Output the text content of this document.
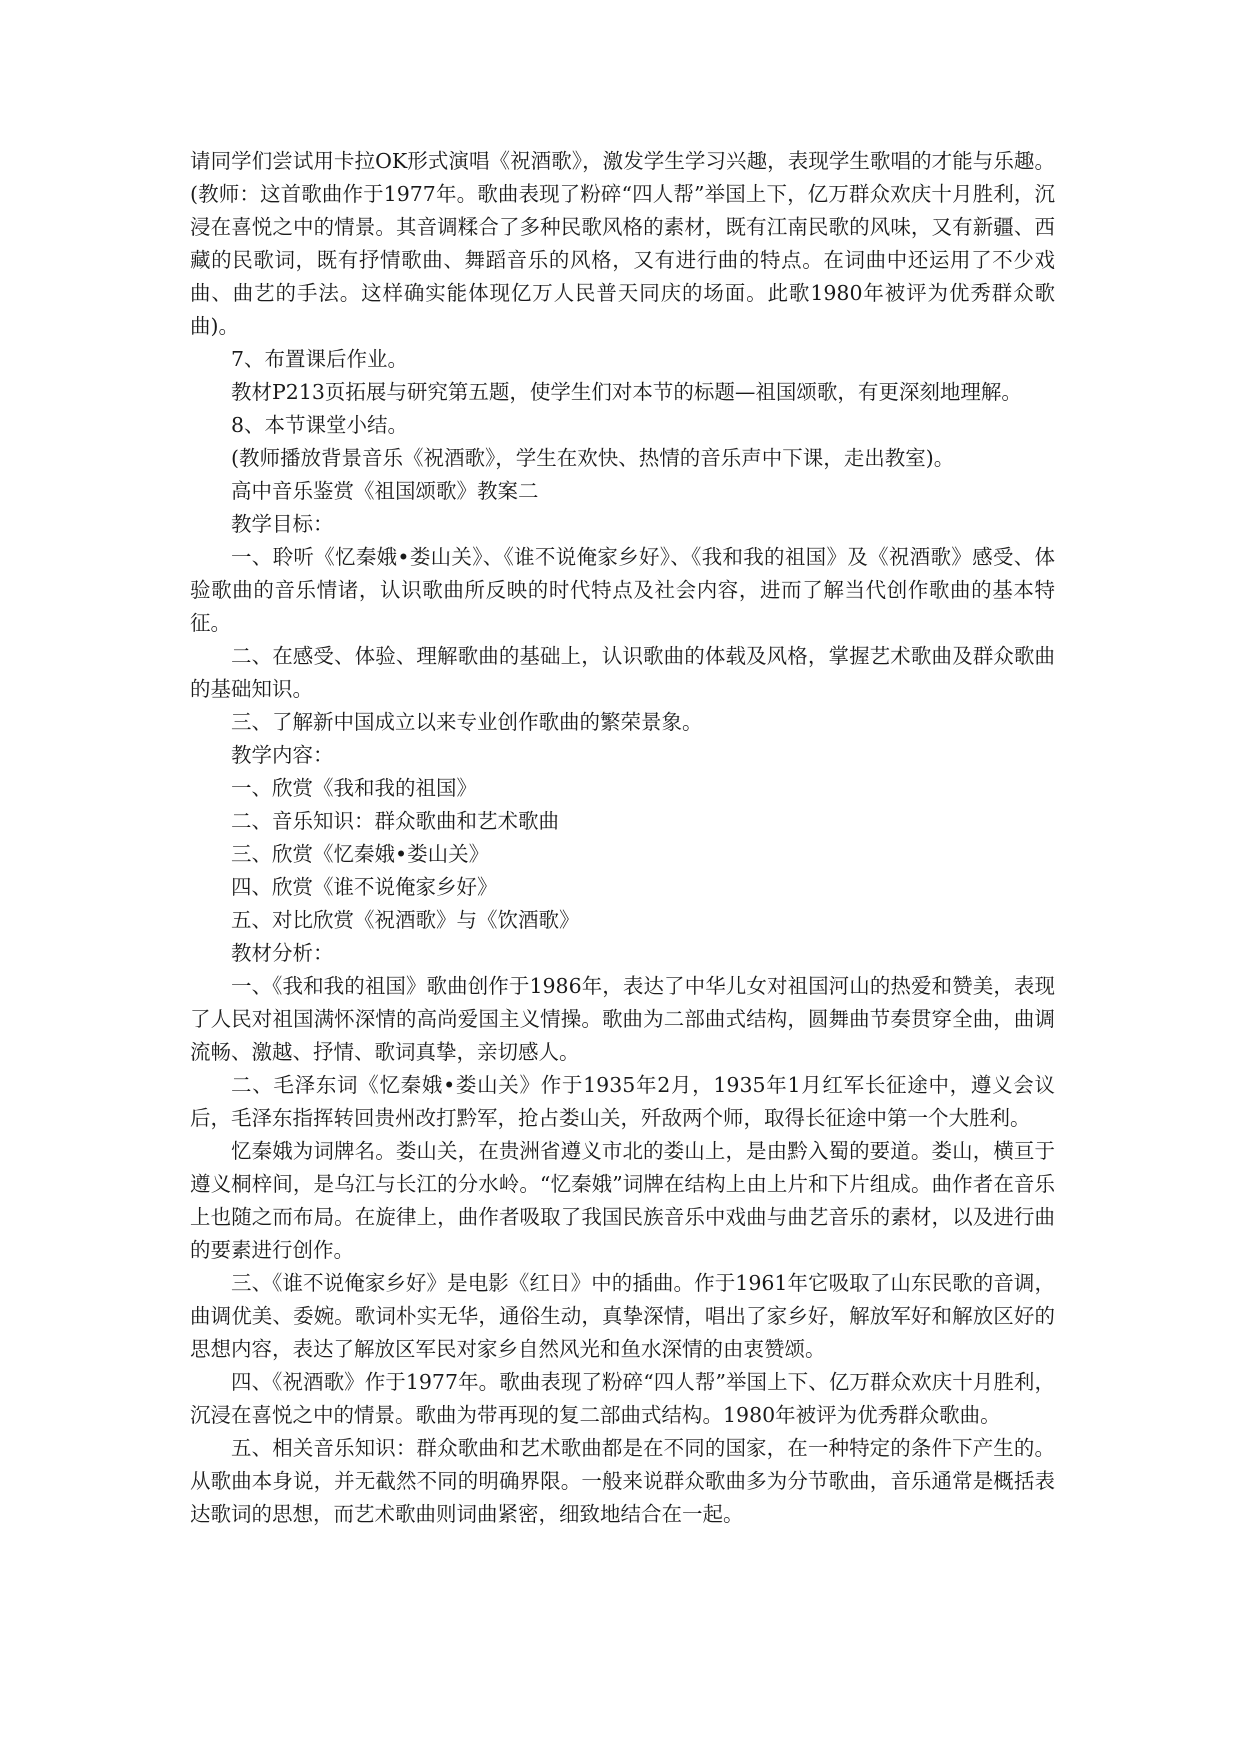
请同学们尝试用卡拉OK形式演唱《祝酒歌》，激发学生学习兴趣，表现学生歌唱的才能与乐趣。(教师：这首歌曲作于1977年。歌曲表现了粉碎“四人帮”举国上下，亿万群众欢庆十月胜利，沉浸在喜悦之中的情景。其音调糅合了多种民歌风格的素材，既有江南民歌的风味，又有新疆、西藏的民歌词，既有抒情歌曲、舞蹈音乐的风格，又有进行曲的特点。在词曲中还运用了不少戏曲、曲艺的手法。这样确实能体现亿万人民普天同庆的场面。此歌1980年被评为优秀群众歌曲)。

7、布置课后作业。

教材P213页拓展与研究第五题，使学生们对本节的标题—祖国颂歌，有更深刻地理解。

8、本节课堂小结。

(教师播放背景音乐《祝酒歌》，学生在欢快、热情的音乐声中下课，走出教室)。

高中音乐鉴赏《祖国颂歌》教案二

教学目标：

一、聆听《忆秦娥•娄山关》、《谁不说俺家乡好》、《我和我的祖国》及《祝酒歌》感受、体验歌曲的音乐情诸，认识歌曲所反映的时代特点及社会内容，进而了解当代创作歌曲的基本特征。

二、在感受、体验、理解歌曲的基础上，认识歌曲的体载及风格，掌握艺术歌曲及群众歌曲的基础知识。

三、了解新中国成立以来专业创作歌曲的繁荣景象。

教学内容：

一、欣赏《我和我的祖国》

二、音乐知识：群众歌曲和艺术歌曲

三、欣赏《忆秦娥•娄山关》

四、欣赏《谁不说俺家乡好》

五、对比欣赏《祝酒歌》与《饮酒歌》

教材分析：

一、《我和我的祖国》歌曲创作于1986年，表达了中华儿女对祖国河山的热爱和赞美，表现了人民对祖国满怀深情的高尚爱国主义情操。歌曲为二部曲式结构，圆舞曲节奏贯穿全曲，曲调流畅、激越、抒情、歌词真挚，亲切感人。

二、毛泽东词《忆秦娥•娄山关》作于1935年2月，1935年1月红军长征途中，遵义会议后，毛泽东指挥转回贵州改打黔军，抢占娄山关，歼敌两个师，取得长征途中第一个大胜利。

忆秦娥为词牌名。娄山关，在贵洲省遵义市北的娄山上，是由黔入蜀的要道。娄山，横亘于遵义桐梓间，是乌江与长江的分水岭。“忆秦娥”词牌在结构上由上片和下片组成。曲作者在音乐上也随之而布局。在旋律上，曲作者吸取了我国民族音乐中戏曲与曲艺音乐的素材，以及进行曲的要素进行创作。

三、《谁不说俺家乡好》是电影《红日》中的插曲。作于1961年它吸取了山东民歌的音调，曲调优美、委婉。歌词朴实无华，通俗生动，真挚深情，唱出了家乡好，解放军好和解放区好的思想内容，表达了解放区军民对家乡自然风光和鱼水深情的由衷赞颂。

四、《祝酒歌》作于1977年。歌曲表现了粉碎“四人帮”举国上下、亿万群众欢庆十月胜利，沉浸在喜悦之中的情景。歌曲为带再现的复二部曲式结构。1980年被评为优秀群众歌曲。

五、相关音乐知识：群众歌曲和艺术歌曲都是在不同的国家，在一种特定的条件下产生的。从歌曲本身说，并无截然不同的明确界限。一般来说群众歌曲多为分节歌曲，音乐通常是概括表达歌词的思想，而艺术歌曲则词曲紧密，细致地结合在一起。
